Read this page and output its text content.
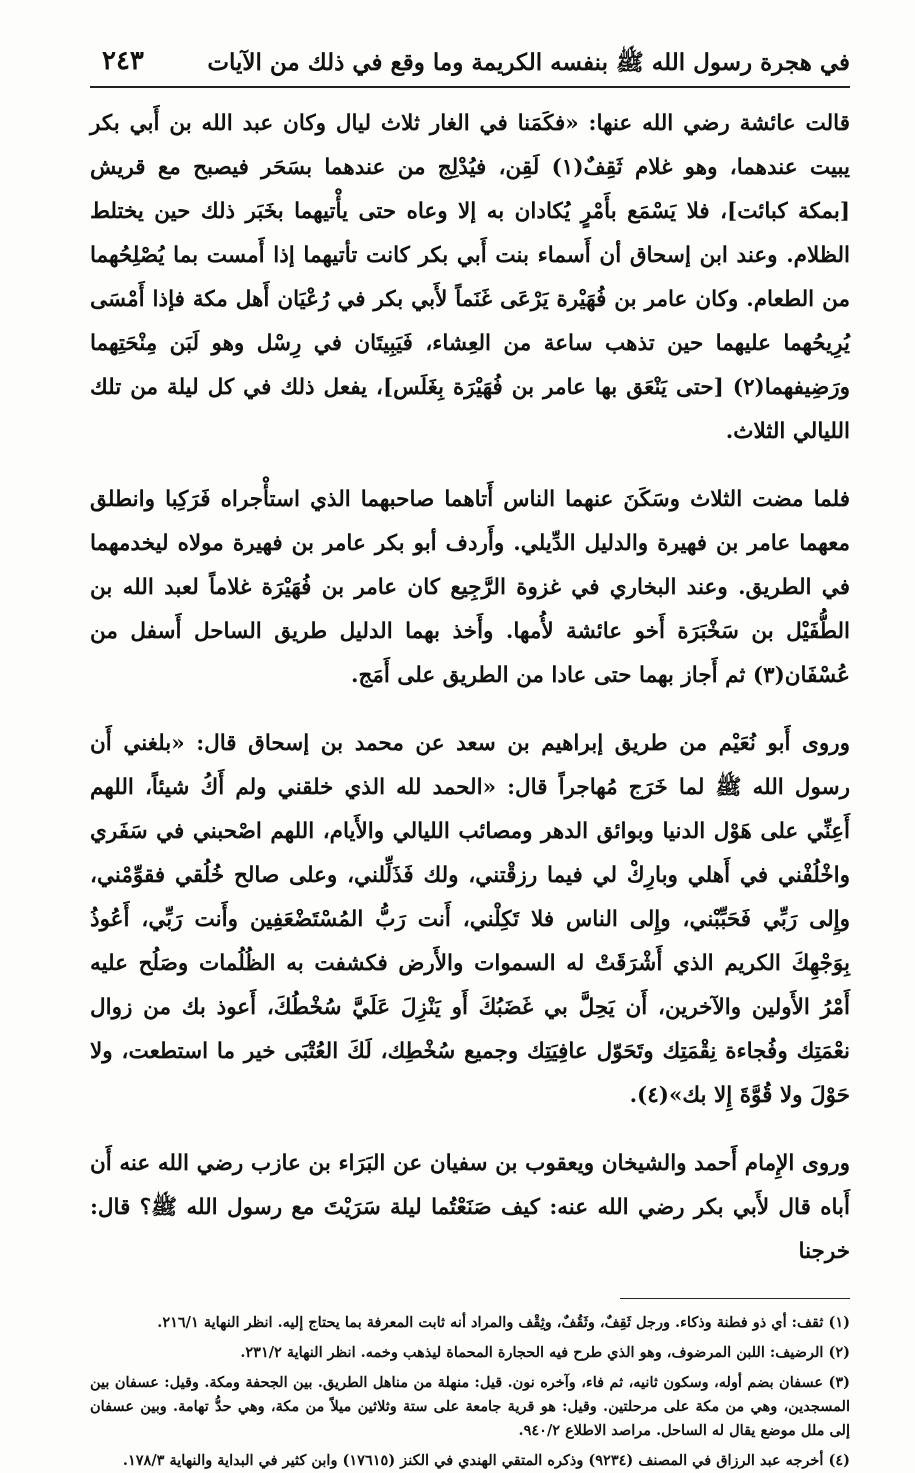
في هجرة رسول الله ﷺ بنفسه الكريمة وما وقع في ذلك من الآيات
٢٤٣

قالت عائشة رضي الله عنها: «فكَمَنا في الغار ثلاث ليال وكان عبد الله بن أَبي بكر يبيت عندهما، وهو غلام ثَقِفٌ(١) لَقِن، فيُدْلِج من عندهما بسَحَر فيصبح مع قريش [بمكة كبائت]، فلا يَسْمَع بأَمْرٍ يُكادان به إلا وعاه حتى يأْتيهما بخَبَر ذلك حين يختلط الظلام. وعند ابن إسحاق أن أَسماء بنت أَبي بكر كانت تأتيهما إذا أَمست بما يُصْلِحُهما من الطعام. وكان عامر بن فُهَيْرة يَرْعَى غَنَماً لأَبي بكر في رُعْيَان أَهل مكة فإذا أَمْسَى يُرِيحُهما عليهما حين تذهب ساعة من العِشاء، فَيَبِيتَان في رِسْل وهو لَبَن مِنْحَتِهما ورَضِيفهما(٢) [حتى يَنْعَق بها عامر بن فُهَيْرَة بِغَلَس]، يفعل ذلك في كل ليلة من تلك الليالي الثلاث.

فلما مضت الثلاث وسَكَنَ عنهما الناس أَتاهما صاحبهما الذي استأْجراه فَرَكِبا وانطلق معهما عامر بن فهيرة والدليل الدِّيلي. وأَردف أبو بكر عامر بن فهيرة مولاه ليخدمهما في الطريق. وعند البخاري في غزوة الرَّجِيع كان عامر بن فُهَيْرَة غلاماً لعبد الله بن الطُّفَيْل بن سَخْبَرَة أَخو عائشة لأُمها. وأَخذ بهما الدليل طريق الساحل أَسفل من عُسْفَان(٣) ثم أَجاز بهما حتى عادا من الطريق على أَمَج.

وروى أَبو نُعَيْم من طريق إبراهيم بن سعد عن محمد بن إسحاق قال: «بلغني أَن رسول الله ﷺ لما خَرَج مُهاجراً قال: «الحمد لله الذي خلقني ولم أَكُ شيئاً، اللهم أَعِنِّي على هَوْل الدنيا وبوائق الدهر ومصائب الليالي والأَيام، اللهم اصْحبني في سَفَري واخْلُفْني في أَهلي وبارِكْ لي فيما رزقْتني، ولك فَذَلِّلني، وعلى صالح خُلُقي فقوِّمْني، وإِلى رَبِّي فَحَبِّبْني، وإِلى الناس فلا تَكِلْني، أَنت رَبُّ المُسْتَضْعَفِين وأَنت رَبِّي، أَعُوذُ بِوَجْهِكَ الكريم الذي أَشْرَقَتْ له السموات والأَرض فكشفت به الظُلُمات وصَلُح عليه أَمْرُ الأَولين والآخرين، أَن يَحِلَّ بي غَضَبُكَ أَو يَنْزِلَ عَلَيَّ سُخْطُكَ، أَعوذ بك من زوال نعْمَتِك وفُجاءة نِقْمَتِك وتَحَوّل عافِيَتِك وجميع سُخْطِك، لَكَ العُتْبَى خير ما استطعت، ولا حَوْلَ ولا قُوَّةَ إِلا بك»(٤).

وروى الإِمام أَحمد والشيخان ويعقوب بن سفيان عن البَرَاء بن عازب رضي الله عنه أَن أَباه قال لأَبي بكر رضي الله عنه: كيف صَنَعْتُما ليلة سَرَيْتَ مع رسول الله ﷺ؟ قال: خرجنا

(١) ثقف: أي ذو فطنة وذكاء. ورجل ثَقِفٌ، وثَقُفٌ، وثِقْف والمراد أنه ثابت المعرفة بما يحتاج إليه. انظر النهاية ٢١٦/١.
(٢) الرضيف: اللبن المرضوف، وهو الذي طرح فيه الحجارة المحماة ليذهب وخمه. انظر النهاية ٢٣١/٢.
(٣) عسفان بضم أوله، وسكون ثانيه، ثم فاء، وآخره نون. قيل: منهلة من مناهل الطريق. بين الجحفة ومكة. وقيل: عسفان بين المسجدين، وهي من مكة على مرحلتين. وقيل: هو قرية جامعة على ستة وثلاثين ميلاً من مكة، وهي حدُّ تهامة. وبين عسفان إلى ملل موضع يقال له الساحل. مراصد الاطلاع ٩٤٠/٢.
(٤) أخرجه عبد الرزاق في المصنف (٩٢٣٤) وذكره المتقي الهندي في الكنز (١٧٦١٥) وابن كثير في البداية والنهاية ١٧٨/٣.
